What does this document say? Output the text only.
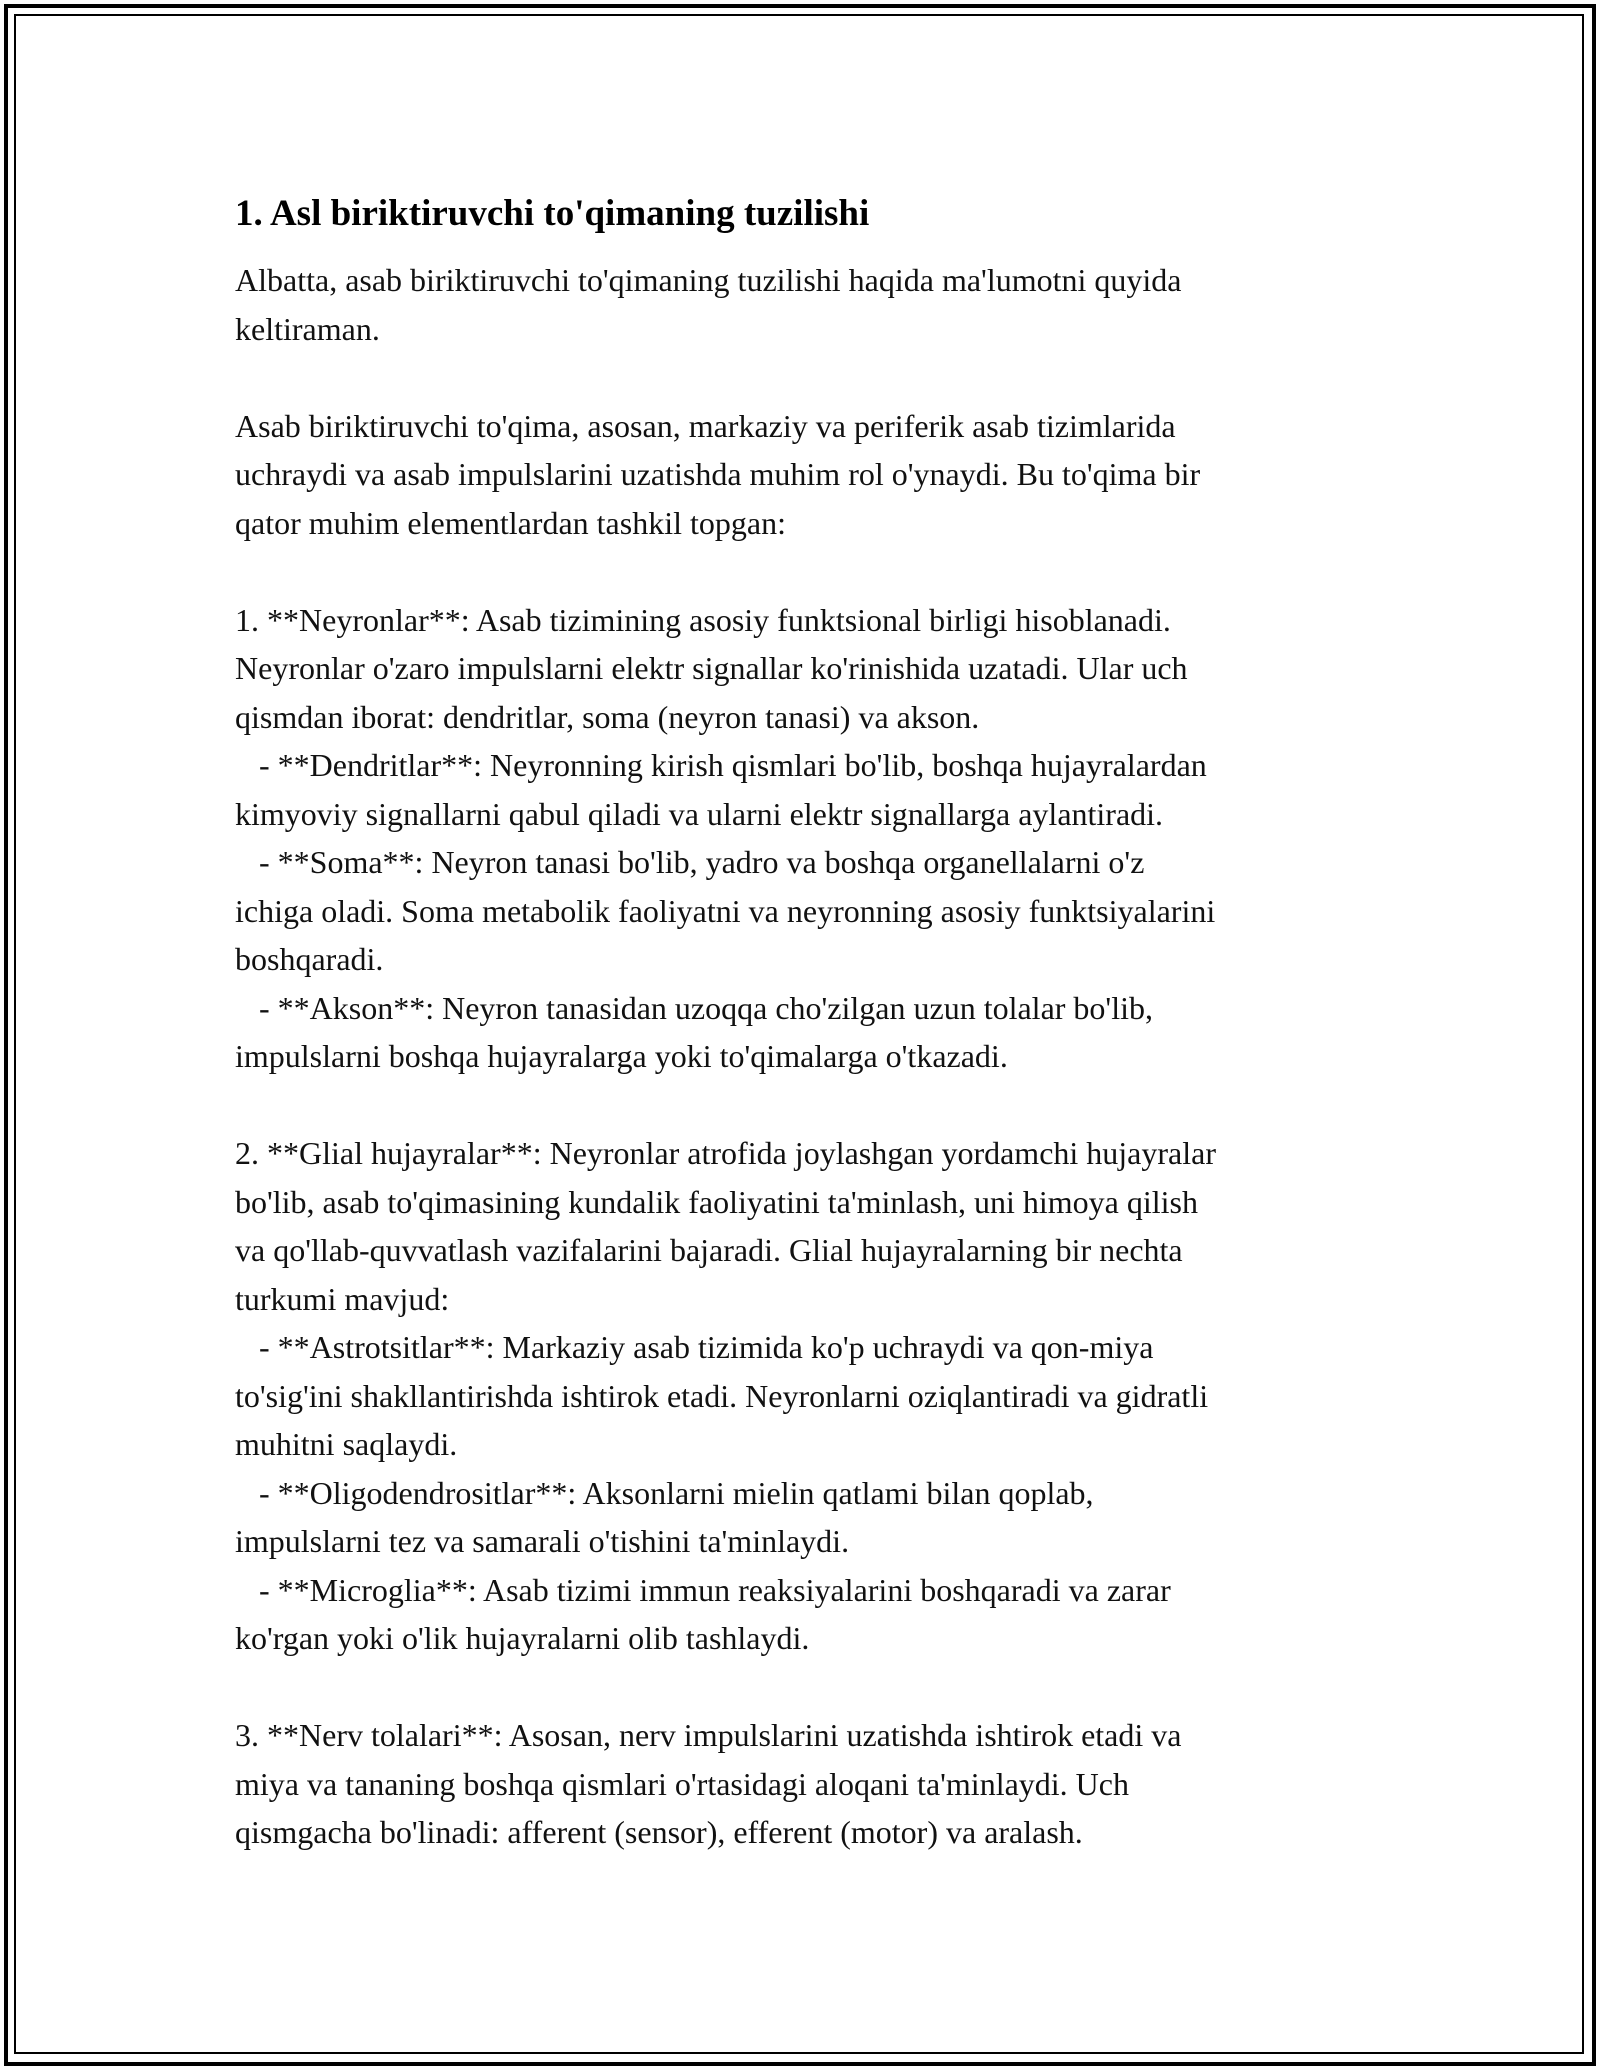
1. Asl biriktiruvchi to'qimaning tuzilishi

Albatta, asab biriktiruvchi to'qimaning tuzilishi haqida ma'lumotni quyida
keltiraman.

Asab biriktiruvchi to'qima, asosan, markaziy va periferik asab tizimlarida
uchraydi va asab impulslarini uzatishda muhim rol o'ynaydi. Bu to'qima bir
qator muhim elementlardan tashkil topgan:

1. **Neyronlar**: Asab tizimining asosiy funktsional birligi hisoblanadi.
Neyronlar o'zaro impulslarni elektr signallar ko'rinishida uzatadi. Ular uch
qismdan iborat: dendritlar, soma (neyron tanasi) va akson.
- **Dendritlar**: Neyronning kirish qismlari bo'lib, boshqa hujayralardan
kimyoviy signallarni qabul qiladi va ularni elektr signallarga aylantiradi.
- **Soma**: Neyron tanasi bo'lib, yadro va boshqa organellalarni o'z
ichiga oladi. Soma metabolik faoliyatni va neyronning asosiy funktsiyalarini
boshqaradi.
- **Akson**: Neyron tanasidan uzoqqa cho'zilgan uzun tolalar bo'lib,
impulslarni boshqa hujayralarga yoki to'qimalarga o'tkazadi.

2. **Glial hujayralar**: Neyronlar atrofida joylashgan yordamchi hujayralar
bo'lib, asab to'qimasining kundalik faoliyatini ta'minlash, uni himoya qilish
va qo'llab-quvvatlash vazifalarini bajaradi. Glial hujayralarning bir nechta
turkumi mavjud:
- **Astrotsitlar**: Markaziy asab tizimida ko'p uchraydi va qon-miya
to'sig'ini shakllantirishda ishtirok etadi. Neyronlarni oziqlantiradi va gidratli
muhitni saqlaydi.
- **Oligodendrositlar**: Aksonlarni mielin qatlami bilan qoplab,
impulslarni tez va samarali o'tishini ta'minlaydi.
- **Microglia**: Asab tizimi immun reaksiyalarini boshqaradi va zarar
ko'rgan yoki o'lik hujayralarni olib tashlaydi.

3. **Nerv tolalari**: Asosan, nerv impulslarini uzatishda ishtirok etadi va
miya va tananing boshqa qismlari o'rtasidagi aloqani ta'minlaydi. Uch
qismgacha bo'linadi: afferent (sensor), efferent (motor) va aralash.
